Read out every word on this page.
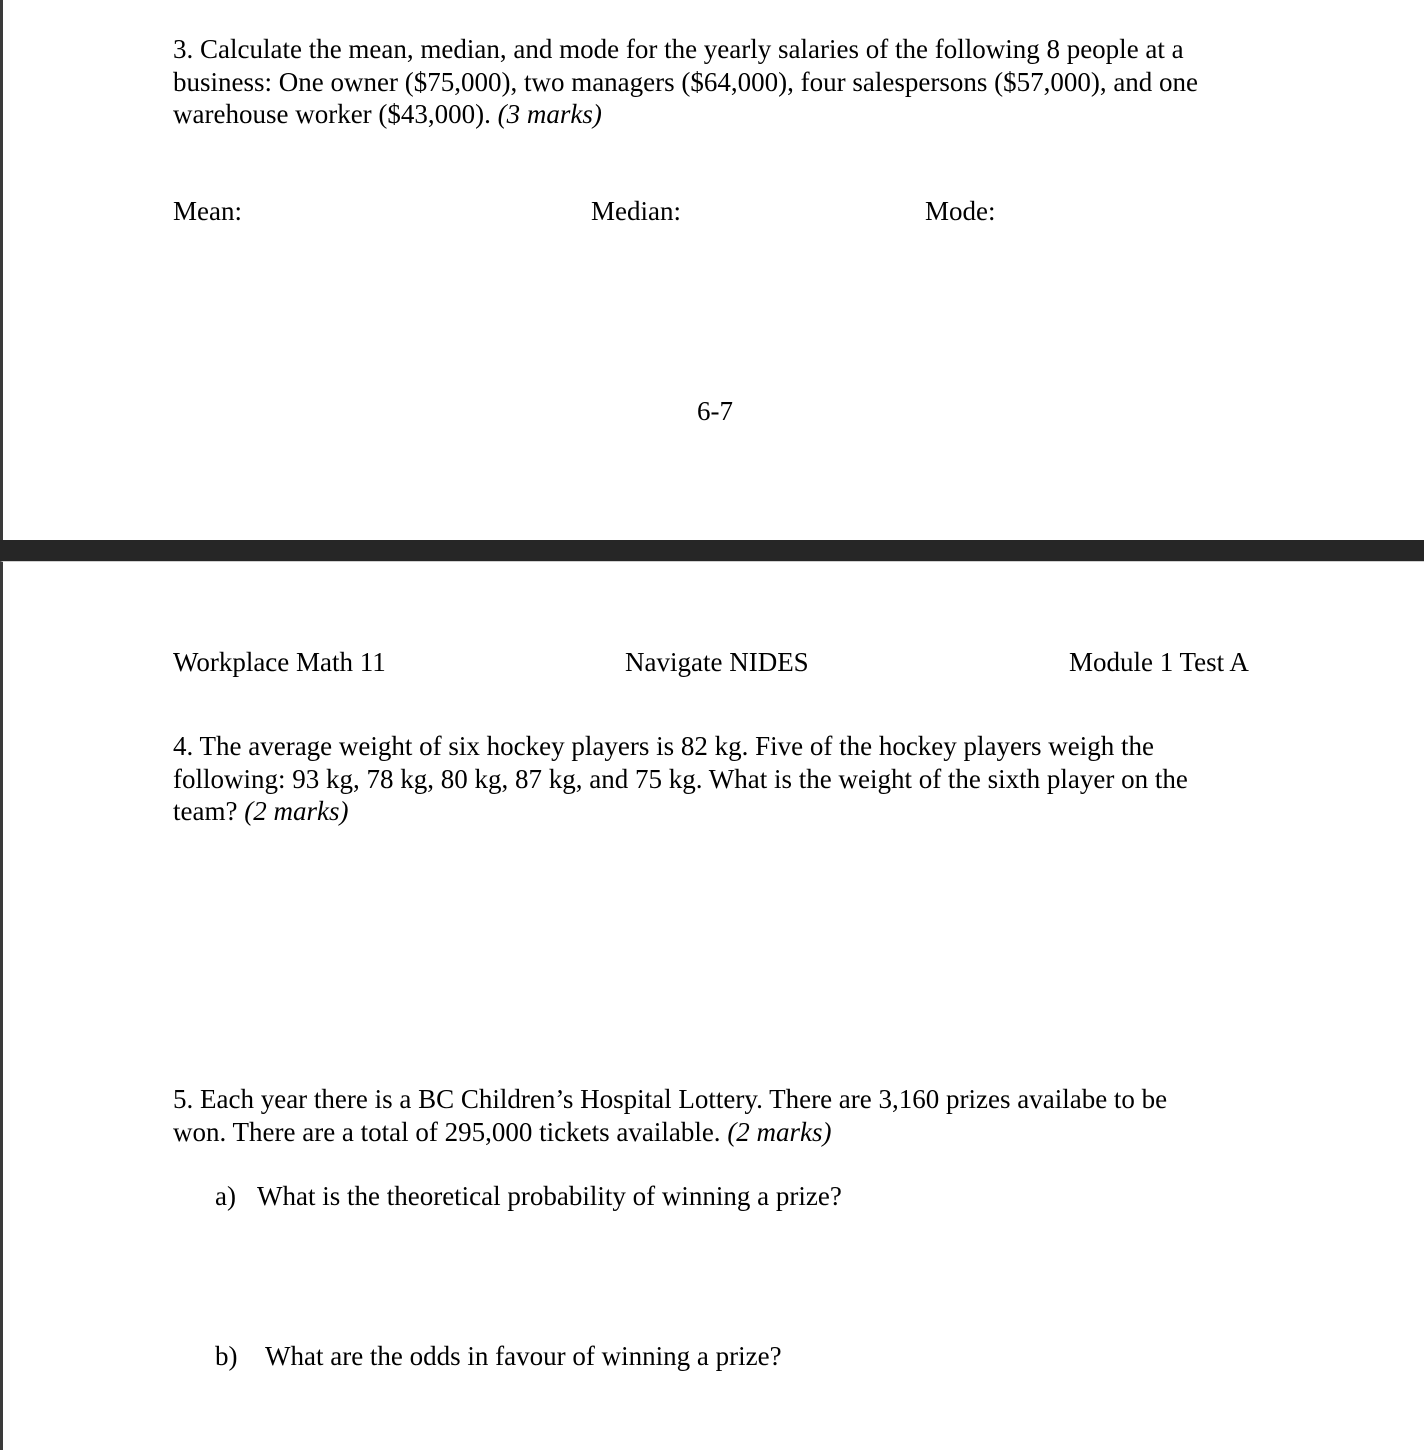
3. Calculate the mean, median, and mode for the yearly salaries of the following 8 people at a
business: One owner ($75,000), two managers ($64,000), four salespersons ($57,000), and one
warehouse worker ($43,000). (3 marks)
Mean:	Median:	Mode:
6-7
Workplace Math 11	Navigate NIDES	Module 1 Test A
4. The average weight of six hockey players is 82 kg. Five of the hockey players weigh the
following: 93 kg, 78 kg, 80 kg, 87 kg, and 75 kg. What is the weight of the sixth player on the
team? (2 marks)
5. Each year there is a BC Children’s Hospital Lottery. There are 3,160 prizes availabe to be
won. There are a total of 295,000 tickets available. (2 marks)
a) What is the theoretical probability of winning a prize?
b) What are the odds in favour of winning a prize?
